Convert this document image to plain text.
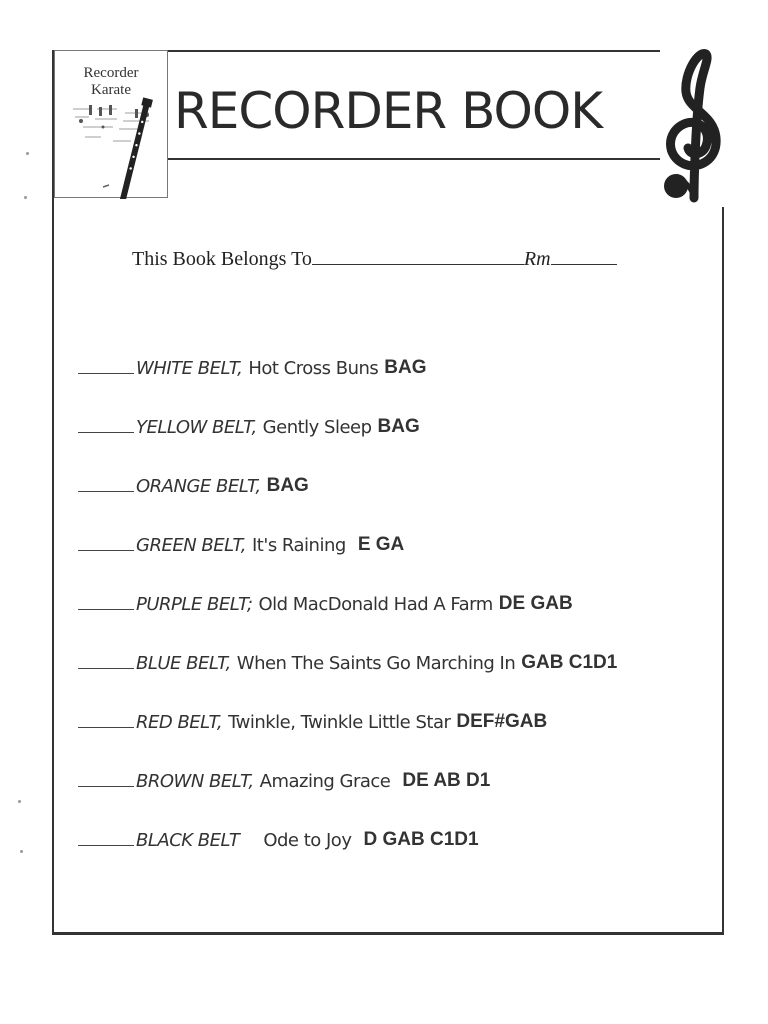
Recorder
Karate RECORDER BOOK
This Book Belongs To	Rm
WHITE BELT, Hot Cross Buns BAG
YELLOW BELT, Gently Sleep BAG
ORANGE BELT, BAG
GREEN BELT, It's Raining E GA
PURPLE BELT; Old MacDonald Had A Farm DE GAB
BLUE BELT, When The Saints Go Marching In GAB C1D1
RED BELT, Twinkle, Twinkle Little Star DEF#GAB
BROWN BELT, Amazing Grace DE AB D1
BLACK BELT Ode to Joy D GAB C1D1
